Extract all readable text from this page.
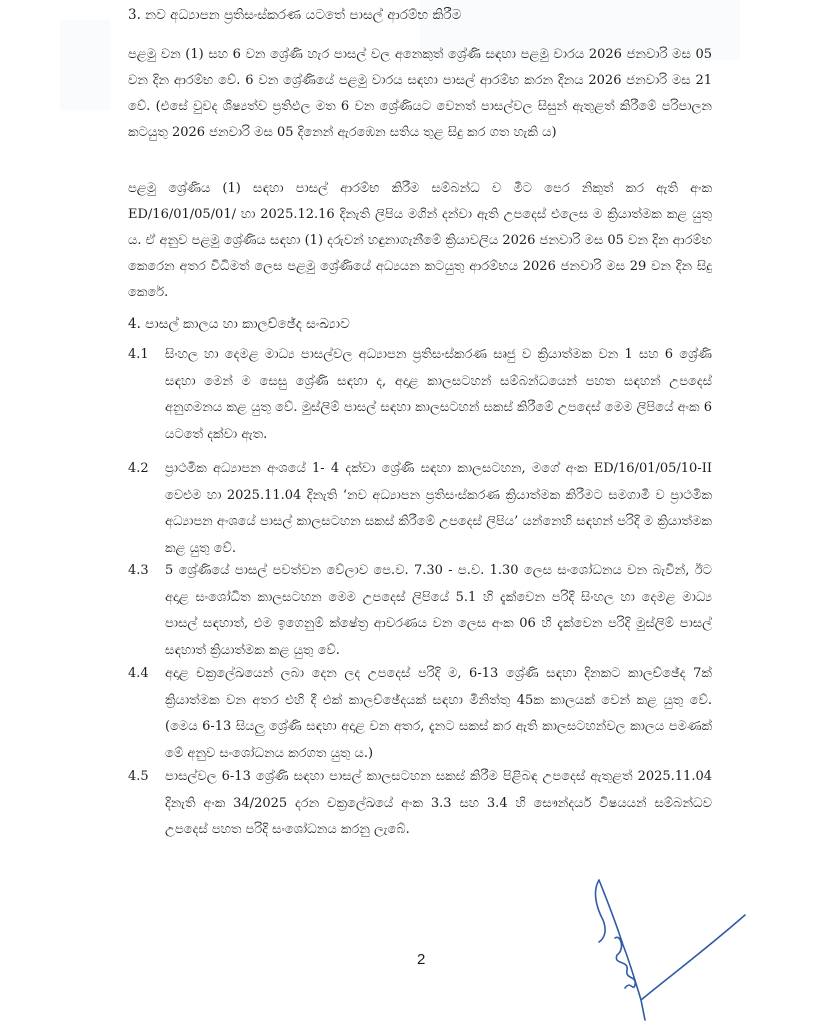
3. නව අධ්‍යාපන ප්‍රතිසංස්කරණ යටතේ පාසල් ආරම්භ කිරීම
පළමු වන (1) සහ 6 වන ශ්‍රේණි හැර පාසල් වල අනෙකුත් ශ්‍රේණි සඳහා පළමු වාරය 2026 ජනවාරි මස 05 වන දින ආරම්භ වේ. 6 වන ශ්‍රේණියේ පළමු වාරය සඳහා පාසල් ආරම්භ කරන දිනය 2026 ජනවාරි මස 21 වේ. (එසේ වුවද ශිෂ්‍යත්ව ප්‍රතිඵල මත 6 වන ශ්‍රේණියට වෙනත් පාසල්වල සිසුන් ඇතුළත් කිරීමේ පරිපාලන කටයුතු 2026 ජනවාරි මස 05 දිනෙන් ඇරඹෙන සතිය තුළ සිදු කර ගත හැකි ය)
පළමු ශ්‍රේණිය (1) සඳහා පාසල් ආරම්භ කිරීම සම්බන්ධ ව මීට පෙර නිකුත් කර ඇති අංක ED/16/01/05/01/ හා 2025.12.16 දිනැති ලිපිය මගින් දන්වා ඇති උපදෙස් එලෙස ම ක්‍රියාත්මක කළ යුතු ය. ඒ අනුව පළමු ශ්‍රේණිය සඳහා (1) දරුවන් හඳුනාගැනීමේ ක්‍රියාවලිය 2026 ජනවාරි මස 05 වන දින ආරම්භ කෙරෙන අතර විධිමත් ලෙස පළමු ශ්‍රේණියේ අධ්‍යයන කටයුතු ආරම්භය 2026 ජනවාරි මස 29 වන දින සිදු කෙරේ.
4. පාසල් කාලය හා කාලච්ඡේද සංඛ්‍යාව
4.1	සිංහල හා දෙමළ මාධ්‍ය පාසල්වල අධ්‍යාපන ප්‍රතිසංස්කරණ සෘජු ව ක්‍රියාත්මක වන 1 සහ 6 ශ්‍රේණි සඳහා මෙන් ම සෙසු ශ්‍රේණි සඳහා ද, අදාළ කාලසටහන් සම්බන්ධයෙන් පහත සඳහන් උපදෙස් අනුගමනය කළ යුතු වේ. මුස්ලිම් පාසල් සඳහා කාලසටහන් සකස් කිරීමේ උපදෙස් මෙම ලිපියේ අංක 6 යටතේ දක්වා ඇත.
4.2	ප්‍රාථමික අධ්‍යාපන අංශයේ 1- 4 දක්වා ශ්‍රේණි සඳහා කාලසටහන, මගේ අංක ED/16/01/05/10-II වෙළුම හා 2025.11.04 දිනැති ‘නව අධ්‍යාපන ප්‍රතිසංස්කරණ ක්‍රියාත්මක කිරීමට සමගාමී ව ප්‍රාථමික අධ්‍යාපන අංශයේ පාසල් කාලසටහන සකස් කිරීමේ උපදෙස් ලිපිය’ යන්නෙහි සඳහන් පරිදි ම ක්‍රියාත්මක කළ යුතු වේ.
4.3	5 ශ්‍රේණියේ පාසල් පවත්වන වේලාව පෙ.ව. 7.30 - ප.ව. 1.30 ලෙස සංශෝධනය වන බැවින්, ඊට අදාළ සංශෝධිත කාලසටහන මෙම උපදෙස් ලිපියේ 5.1 හි දැක්වෙන පරිදි සිංහල හා දෙමළ මාධ්‍ය පාසල් සඳහාත්, එම ඉගෙනුම් ක්ෂේත්‍ර ආවරණය වන ලෙස අංක 06 හි දැක්වෙන පරිදි මුස්ලිම් පාසල් සඳහාත් ක්‍රියාත්මක කළ යුතු වේ.
4.4	අදාළ චක්‍රලේඛයෙන් ලබා දෙන ලද උපදෙස් පරිදි ම, 6-13 ශ්‍රේණි සඳහා දිනකට කාලච්ඡේද 7ක් ක්‍රියාත්මක වන අතර එහි දී එක් කාලච්ඡේදයක් සඳහා මිනිත්තු 45ක කාලයක් වෙන් කළ යුතු වේ. (මෙය 6-13 සියලු ශ්‍රේණි සඳහා අදාළ වන අතර, දැනට සකස් කර ඇති කාලසටහන්වල කාලය පමණක් මේ අනුව සංශෝධනය කරගත යුතු ය.)
4.5	පාසල්වල 6-13 ශ්‍රේණි සඳහා පාසල් කාලසටහන සකස් කිරීම පිළිබඳ උපදෙස් ඇතුළත් 2025.11.04 දිනැති අංක 34/2025 දරන චක්‍රලේඛයේ අංක 3.3 සහ 3.4 හි සෞන්දර්ය විෂයයන් සම්බන්ධව උපදෙස් පහත පරිදි සංශෝධනය කරනු ලැබේ.
2
